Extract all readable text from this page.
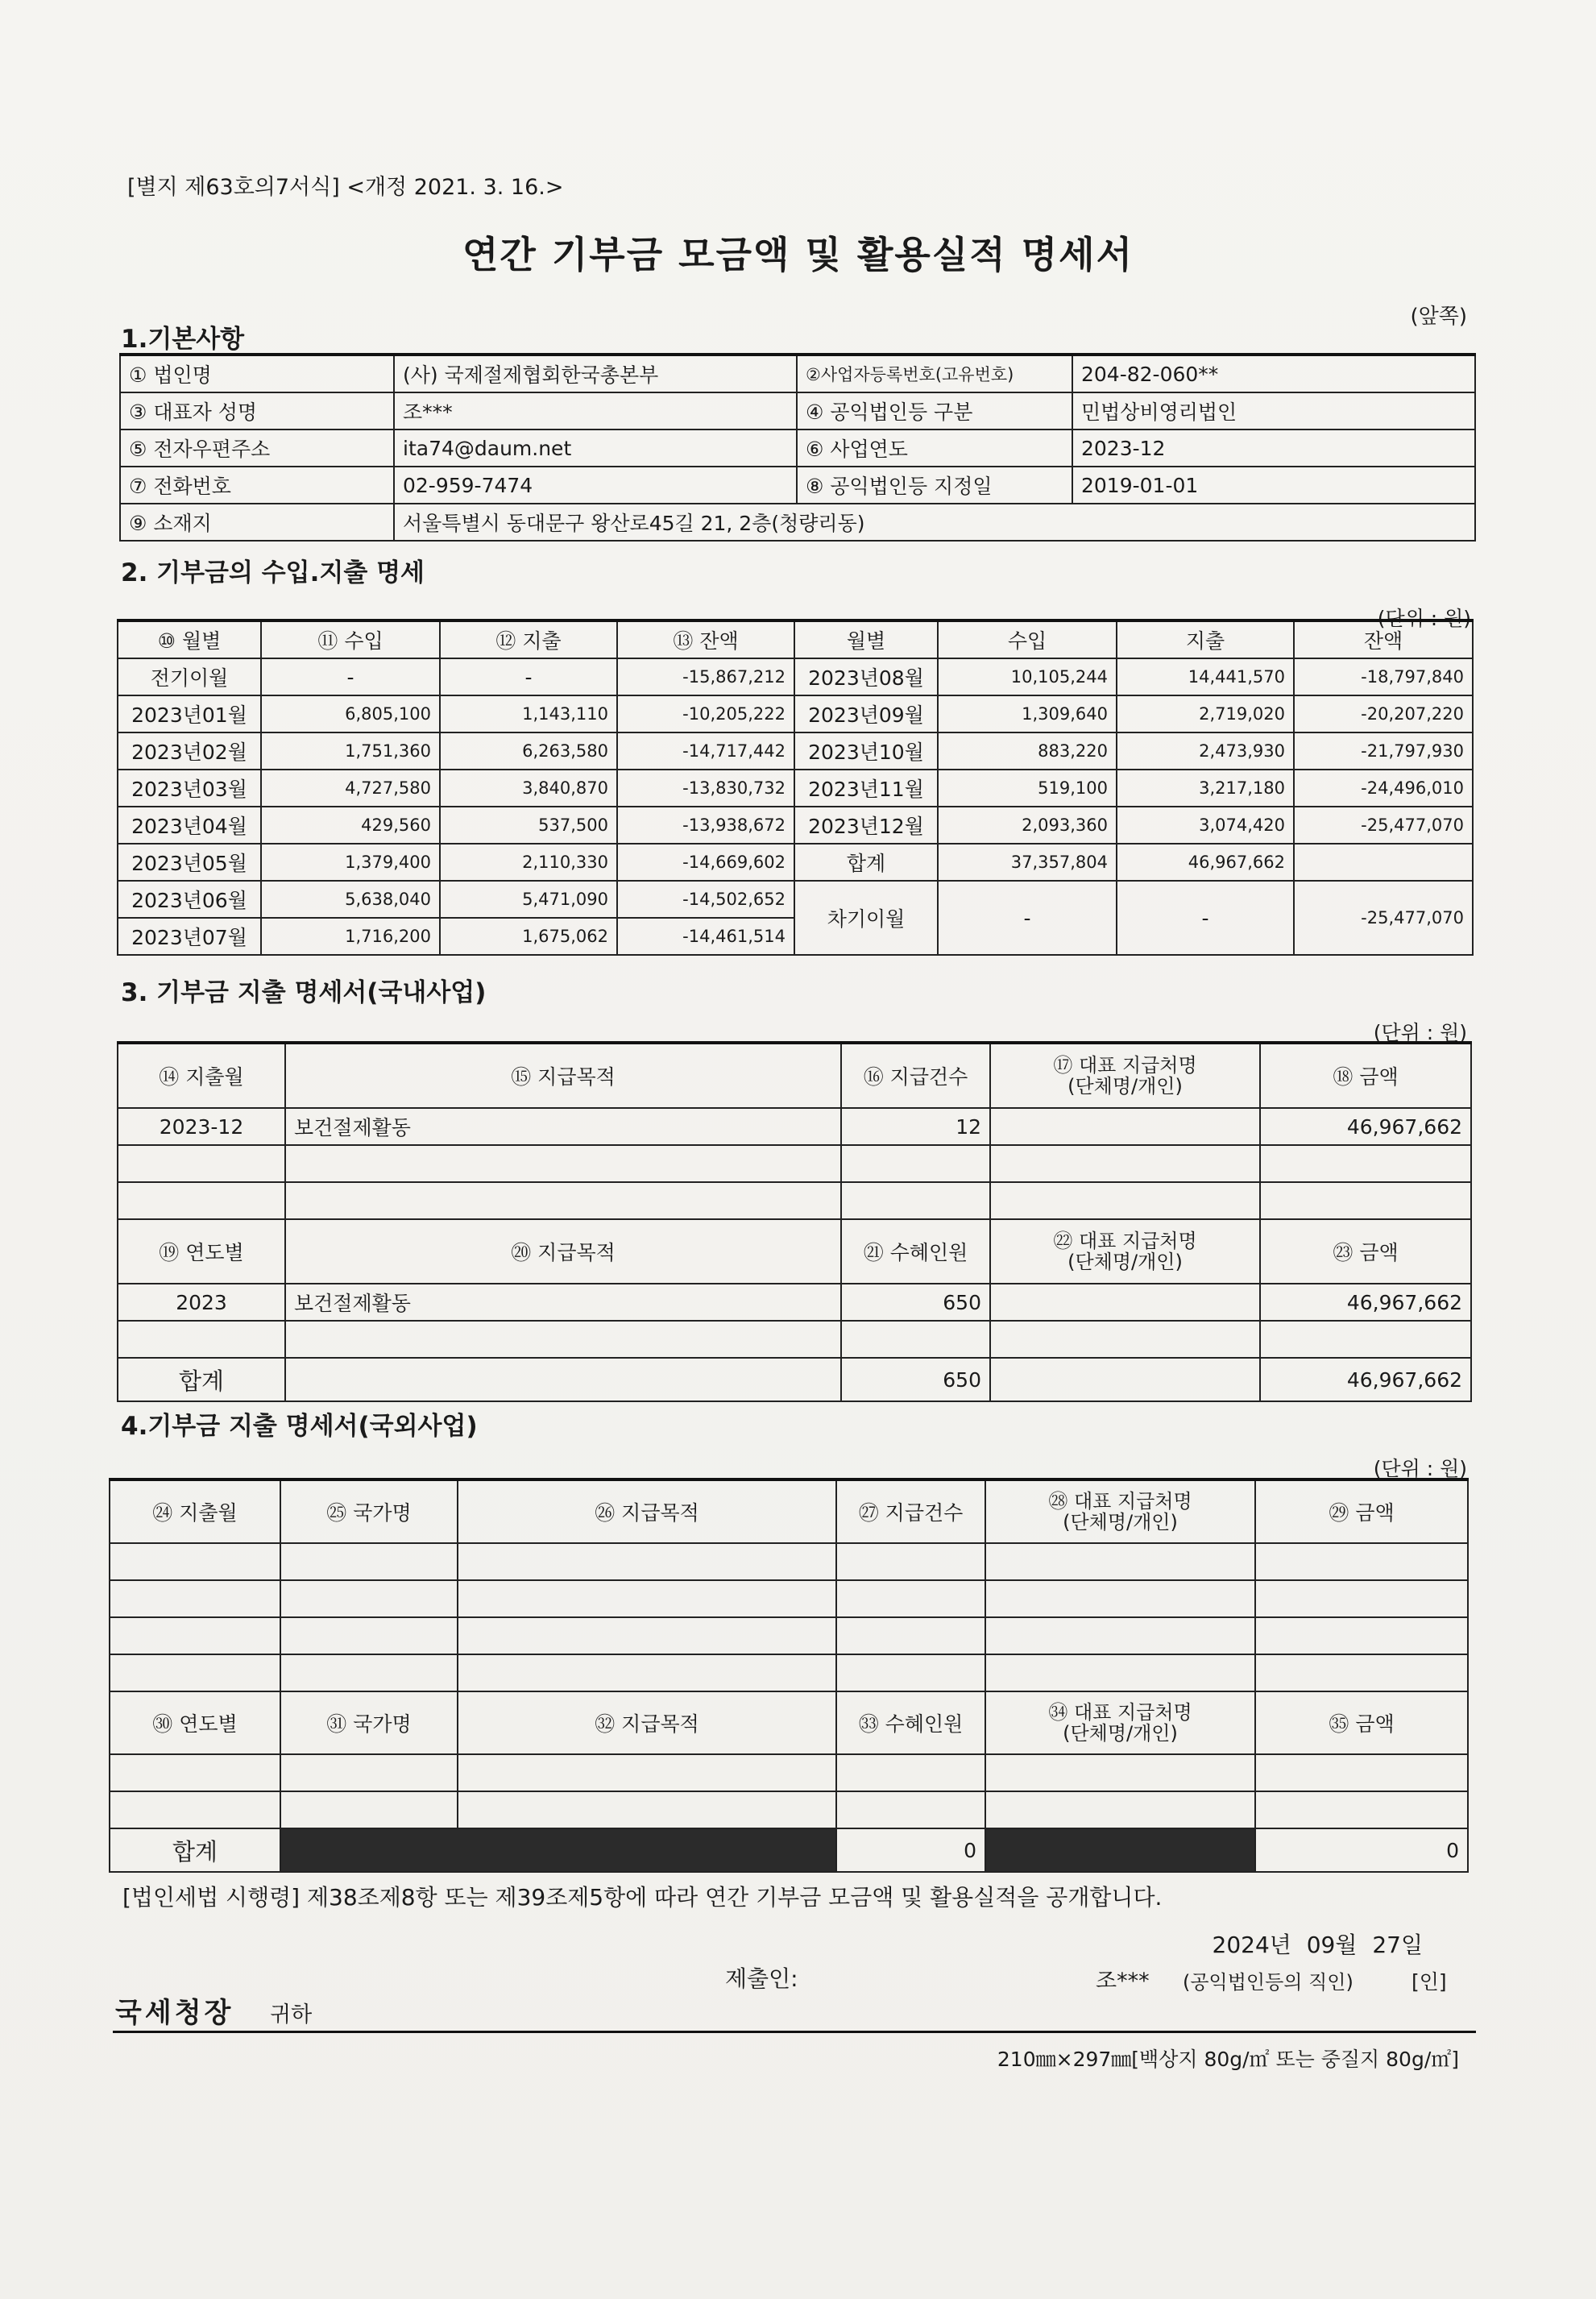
[별지 제63호의7서식] <개정 2021. 3. 16.>
연간 기부금 모금액 및 활용실적 명세서
(앞쪽)
1.기본사항
① 법인명	(사) 국제절제협회한국총본부	②사업자등록번호(고유번호)	204-82-060**
③ 대표자 성명	조***	④ 공익법인등 구분	민법상비영리법인
⑤ 전자우편주소	ita74@daum.net	⑥ 사업연도	2023-12
⑦ 전화번호	02-959-7474	⑧ 공익법인등 지정일	2019-01-01
⑨ 소재지	서울특별시 동대문구 왕산로45길 21, 2층(청량리동)		
2. 기부금의 수입.지출 명세
(단위 : 원)
⑩ 월별	⑪ 수입	⑫ 지출	⑬ 잔액	월별	수입	지출	잔액
전기이월	-	-	-15,867,212	2023년08월	10,105,244	14,441,570	-18,797,840
2023년01월	6,805,100	1,143,110	-10,205,222	2023년09월	1,309,640	2,719,020	-20,207,220
2023년02월	1,751,360	6,263,580	-14,717,442	2023년10월	883,220	2,473,930	-21,797,930
2023년03월	4,727,580	3,840,870	-13,830,732	2023년11월	519,100	3,217,180	-24,496,010
2023년04월	429,560	537,500	-13,938,672	2023년12월	2,093,360	3,074,420	-25,477,070
2023년05월	1,379,400	2,110,330	-14,669,602	합계	37,357,804	46,967,662	
2023년06월	5,638,040	5,471,090	-14,502,652	차기이월	-	-	-25,477,070
2023년07월	1,716,200	1,675,062	-14,461,514				
3. 기부금 지출 명세서(국내사업)
(단위 : 원)
⑭ 지출월	⑮ 지급목적	⑯ 지급건수	⑰ 대표 지급처명
(단체명/개인)	⑱ 금액
2023-12	보건절제활동	12		46,967,662

⑲ 연도별	⑳ 지급목적	㉑ 수혜인원	㉒ 대표 지급처명
(단체명/개인)	㉓ 금액
2023	보건절제활동	650		46,967,662

합계		650		46,967,662
4.기부금 지출 명세서(국외사업)
(단위 : 원)
㉔ 지출월	㉕ 국가명	㉖ 지급목적	㉗ 지급건수	㉘ 대표 지급처명
(단체명/개인)	㉙ 금액

㉚ 연도별	㉛ 국가명	㉜ 지급목적	㉝ 수혜인원	㉞ 대표 지급처명
(단체명/개인)	㉟ 금액

합계			0		0
[법인세법 시행령] 제38조제8항 또는 제39조제5항에 따라 연간 기부금 모금액 및 활용실적을 공개합니다.
2024년 09월 27일
제출인:	조*** (공익법인등의 직인)	[인]
국세청장 귀하
210㎜×297㎜[백상지 80g/㎡ 또는 중질지 80g/㎡]
